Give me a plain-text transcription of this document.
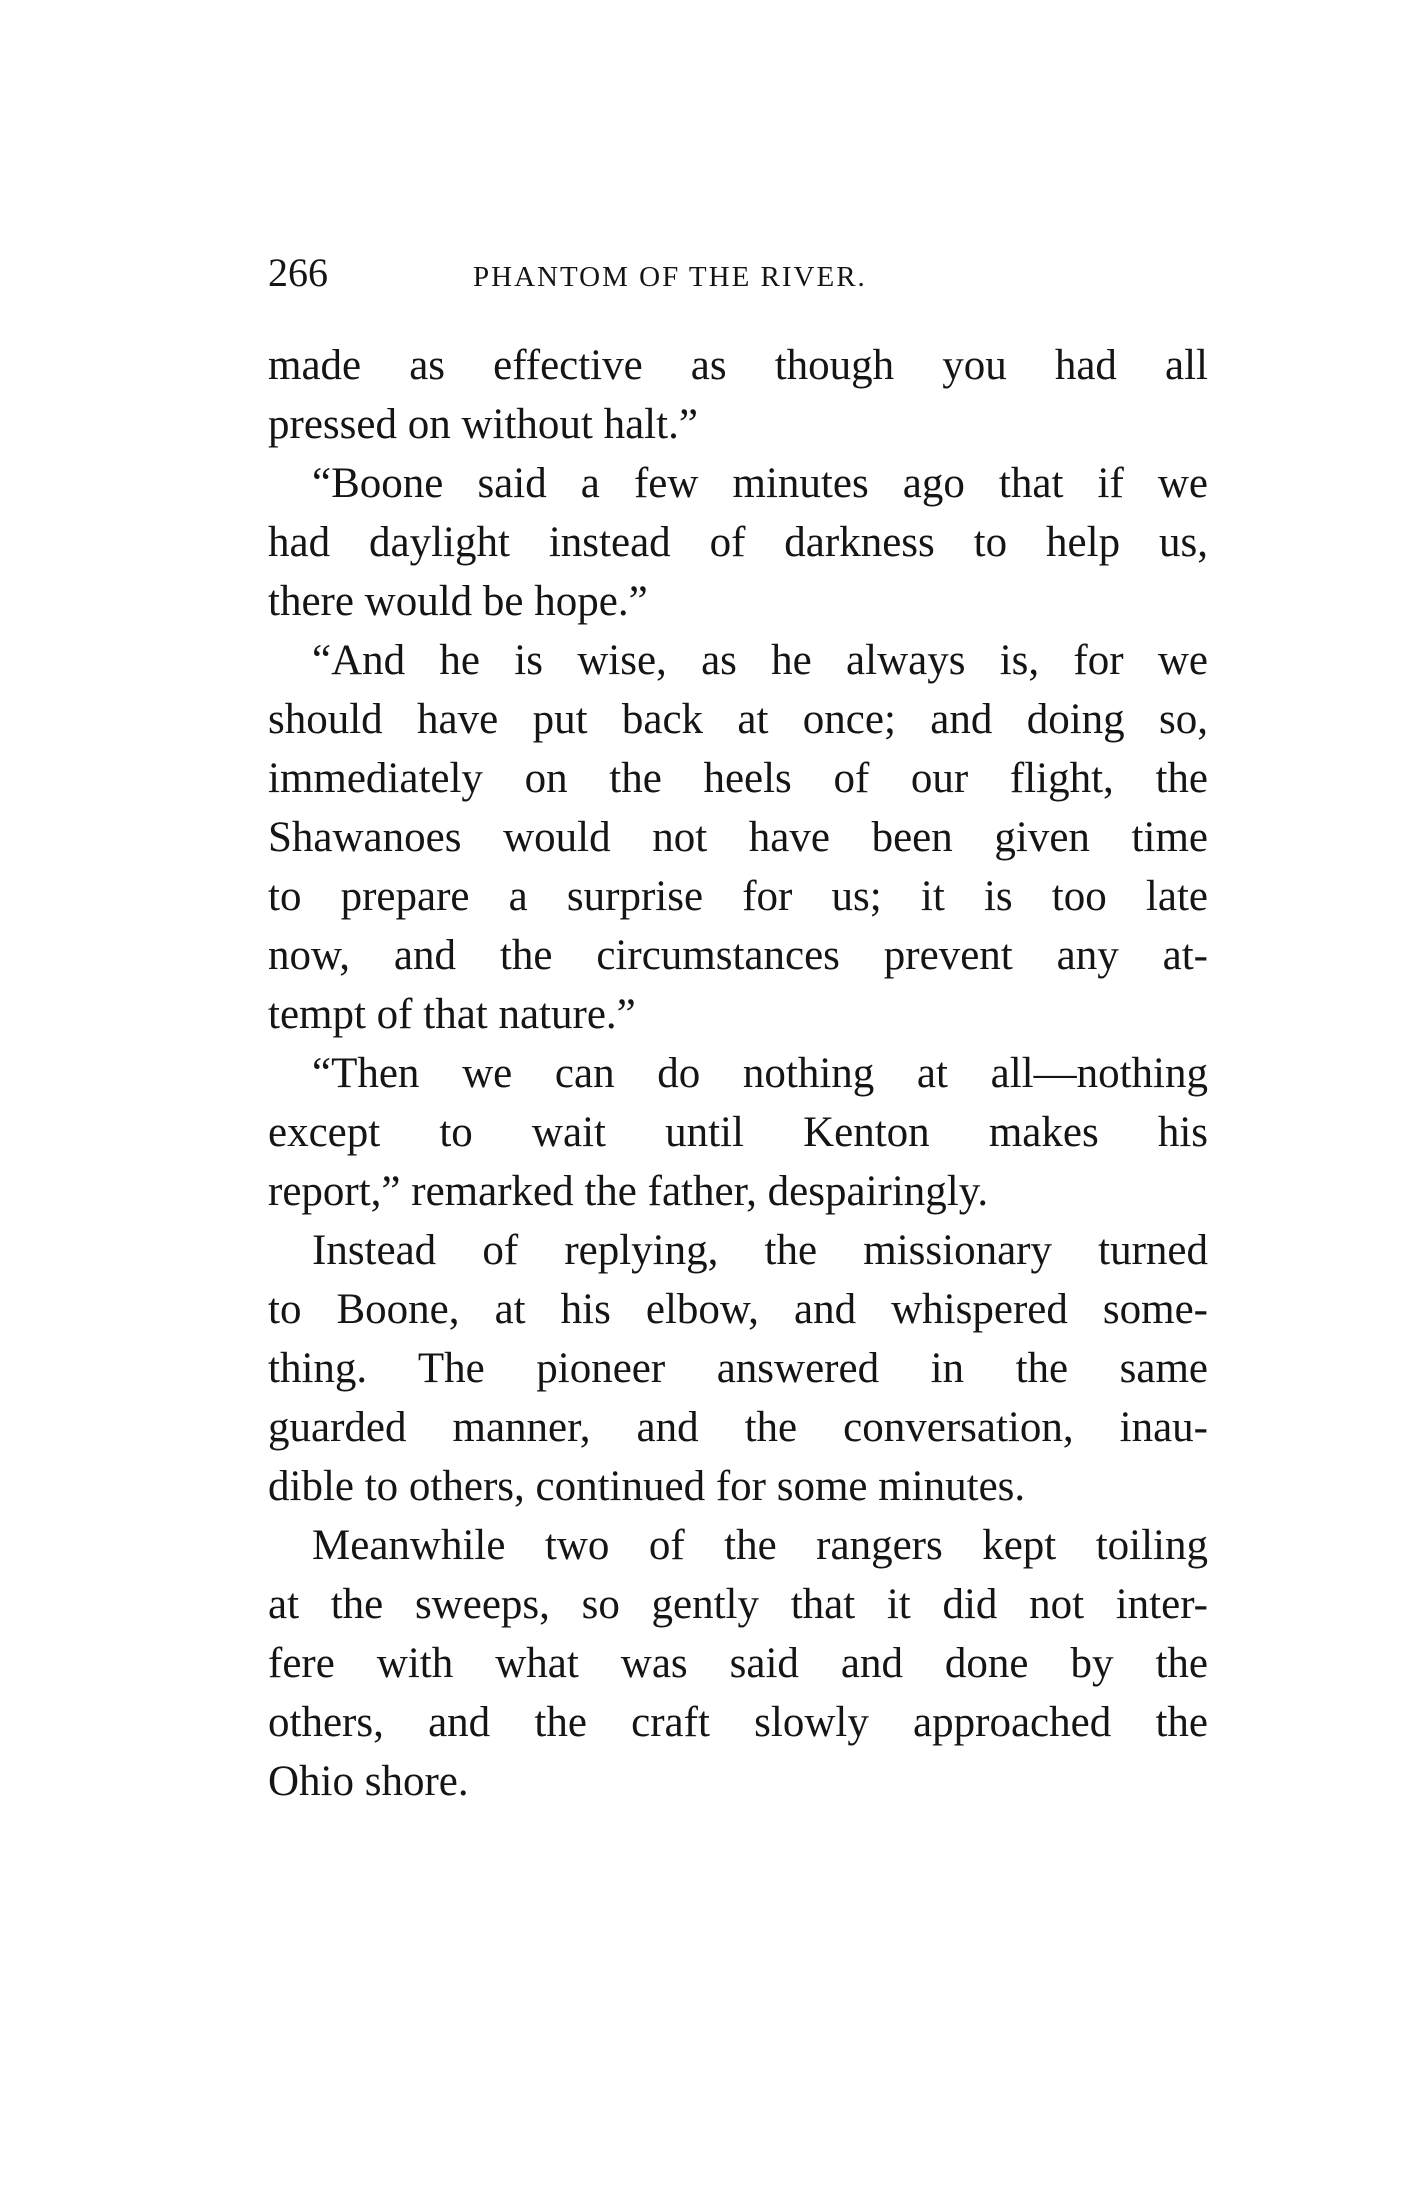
266	PHANTOM OF THE RIVER.
made as effective as though you had all
pressed on without halt.”
“Boone said a few minutes ago that if we
had daylight instead of darkness to help us,
there would be hope.”
“And he is wise, as he always is, for we
should have put back at once; and doing so,
immediately on the heels of our flight, the
Shawanoes would not have been given time
to prepare a surprise for us; it is too late
now, and the circumstances prevent any at-
tempt of that nature.”
“Then we can do nothing at all—nothing
except to wait until Kenton makes his
report,” remarked the father, despairingly.
Instead of replying, the missionary turned
to Boone, at his elbow, and whispered some-
thing. The pioneer answered in the same
guarded manner, and the conversation, inau-
dible to others, continued for some minutes.
Meanwhile two of the rangers kept toiling
at the sweeps, so gently that it did not inter-
fere with what was said and done by the
others, and the craft slowly approached the
Ohio shore.
